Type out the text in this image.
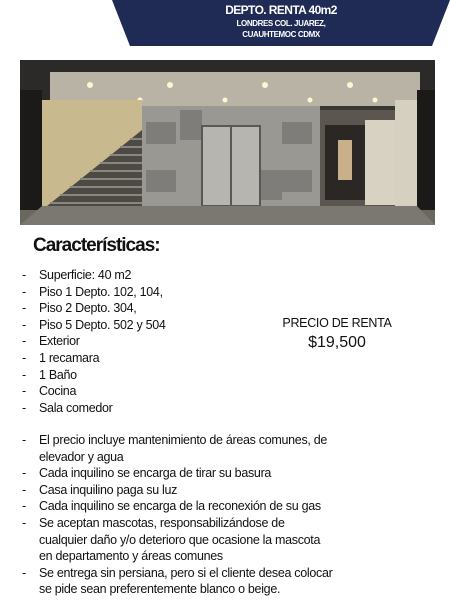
DEPTO. RENTA 40m2
LONDRES COL. JUAREZ,
CUAUHTEMOC CDMX
Características:
- Superficie: 40 m2
- Piso 1 Depto. 102, 104,
- Piso 2 Depto. 304,
- Piso 5 Depto. 502 y 504
- Exterior
- 1 recamara
- 1 Baño
- Cocina
- Sala comedor
PRECIO DE RENTA
$19,500
- El precio incluye mantenimiento de áreas comunes, de
elevador y agua
- Cada inquilino se encarga de tirar su basura
- Casa inquilino paga su luz
- Cada inquilino se encarga de la reconexión de su gas
- Se aceptan mascotas, responsabilizándose de
cualquier daño y/o deterioro que ocasione la mascota
en departamento y áreas comunes
- Se entrega sin persiana, pero si el cliente desea colocar
se pide sean preferentemente blanco o beige.
